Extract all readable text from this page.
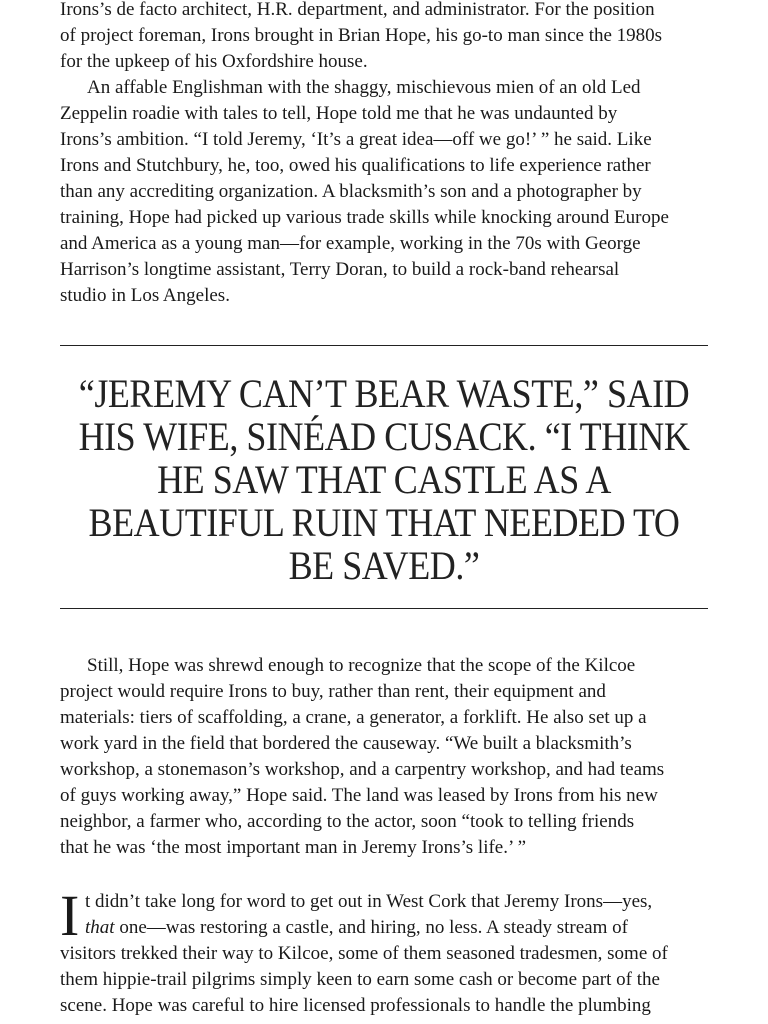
Irons’s de facto architect, H.R. department, and administrator. For the position
of project foreman, Irons brought in Brian Hope, his go-to man since the 1980s
for the upkeep of his Oxfordshire house.
An affable Englishman with the shaggy, mischievous mien of an old Led
Zeppelin roadie with tales to tell, Hope told me that he was undaunted by
Irons’s ambition. “I told Jeremy, ‘It’s a great idea—off we go!’ ” he said. Like
Irons and Stutchbury, he, too, owed his qualifications to life experience rather
than any accrediting organization. A blacksmith’s son and a photographer by
training, Hope had picked up various trade skills while knocking around Europe
and America as a young man—for example, working in the 70s with George
Harrison’s longtime assistant, Terry Doran, to build a rock-band rehearsal
studio in Los Angeles.
“JEREMY CAN’T BEAR WASTE,” SAID
HIS WIFE, SINÉAD CUSACK. “I THINK
HE SAW THAT CASTLE AS A
BEAUTIFUL RUIN THAT NEEDED TO
BE SAVED.”
Still, Hope was shrewd enough to recognize that the scope of the Kilcoe
project would require Irons to buy, rather than rent, their equipment and
materials: tiers of scaffolding, a crane, a generator, a forklift. He also set up a
work yard in the field that bordered the causeway. “We built a blacksmith’s
workshop, a stonemason’s workshop, and a carpentry workshop, and had teams
of guys working away,” Hope said. The land was leased by Irons from his new
neighbor, a farmer who, according to the actor, soon “took to telling friends
that he was ‘the most important man in Jeremy Irons’s life.’ ”
I t didn’t take long for word to get out in West Cork that Jeremy Irons—yes,
that one—was restoring a castle, and hiring, no less. A steady stream of
visitors trekked their way to Kilcoe, some of them seasoned tradesmen, some of
them hippie-trail pilgrims simply keen to earn some cash or become part of the
scene. Hope was careful to hire licensed professionals to handle the plumbing
